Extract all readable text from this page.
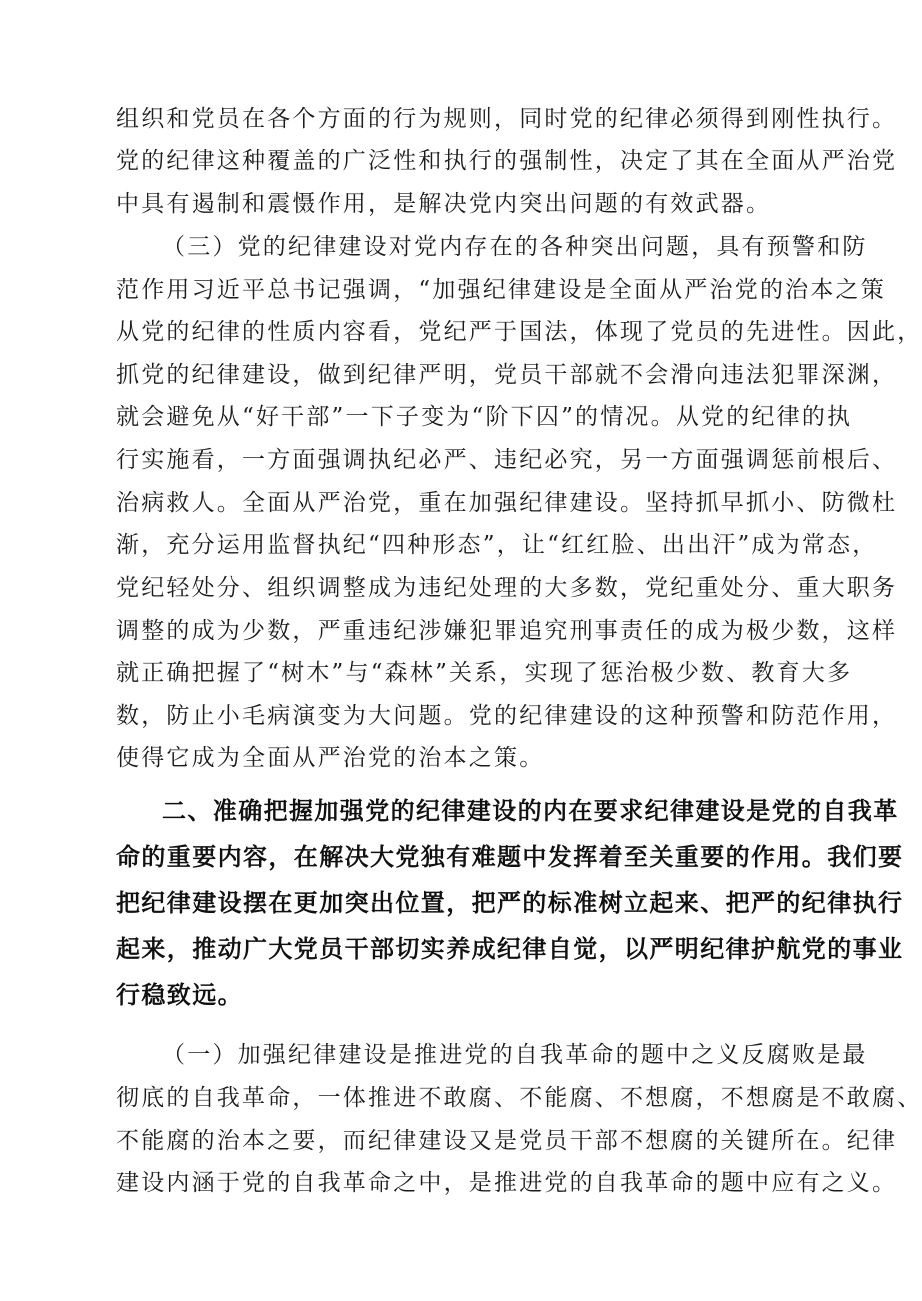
组织和党员在各个方面的行为规则，同时党的纪律必须得到刚性执行。
党的纪律这种覆盖的广泛性和执行的强制性，决定了其在全面从严治党
中具有遏制和震慑作用，是解决党内突出问题的有效武器。
（三）党的纪律建设对党内存在的各种突出问题，具有预警和防
范作用习近平总书记强调，“加强纪律建设是全面从严治党的治本之策
从党的纪律的性质内容看，党纪严于国法，体现了党员的先进性。因此，
抓党的纪律建设，做到纪律严明，党员干部就不会滑向违法犯罪深渊，
就会避免从“好干部”一下子变为“阶下囚”的情况。从党的纪律的执
行实施看，一方面强调执纪必严、违纪必究，另一方面强调惩前根后、
治病救人。全面从严治党，重在加强纪律建设。坚持抓早抓小、防微杜
渐，充分运用监督执纪“四种形态”，让“红红脸、出出汗”成为常态，
党纪轻处分、组织调整成为违纪处理的大多数，党纪重处分、重大职务
调整的成为少数，严重违纪涉嫌犯罪追究刑事责任的成为极少数，这样
就正确把握了“树木”与“森林”关系，实现了惩治极少数、教育大多
数，防止小毛病演变为大问题。党的纪律建设的这种预警和防范作用，
使得它成为全面从严治党的治本之策。
二、准确把握加强党的纪律建设的内在要求纪律建设是党的自我革
命的重要内容，在解决大党独有难题中发挥着至关重要的作用。我们要
把纪律建设摆在更加突出位置，把严的标准树立起来、把严的纪律执行
起来，推动广大党员干部切实养成纪律自觉，以严明纪律护航党的事业
行稳致远。
（一）加强纪律建设是推进党的自我革命的题中之义反腐败是最
彻底的自我革命，一体推进不敢腐、不能腐、不想腐，不想腐是不敢腐、
不能腐的治本之要，而纪律建设又是党员干部不想腐的关键所在。纪律
建设内涵于党的自我革命之中，是推进党的自我革命的题中应有之义。
